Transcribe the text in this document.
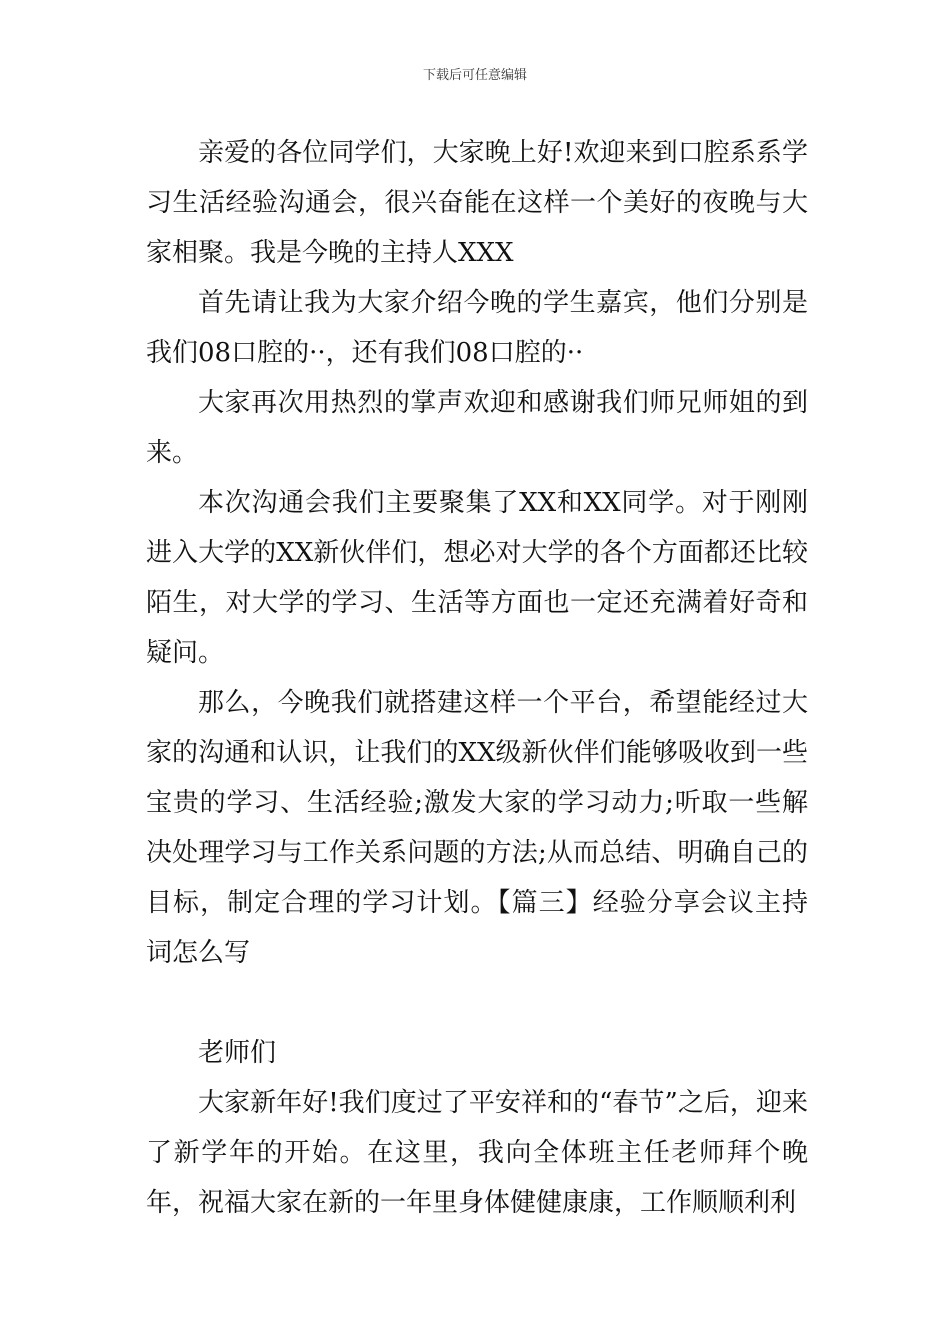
下载后可任意编辑

亲爱的各位同学们，大家晚上好!欢迎来到口腔系系学习生活经验沟通会，很兴奋能在这样一个美好的夜晚与大家相聚。我是今晚的主持人XXX

首先请让我为大家介绍今晚的学生嘉宾，他们分别是我们08口腔的··，还有我们08口腔的··

大家再次用热烈的掌声欢迎和感谢我们师兄师姐的到来。

本次沟通会我们主要聚集了XX和XX同学。对于刚刚进入大学的XX新伙伴们，想必对大学的各个方面都还比较陌生，对大学的学习、生活等方面也一定还充满着好奇和疑问。

那么，今晚我们就搭建这样一个平台，希望能经过大家的沟通和认识，让我们的XX级新伙伴们能够吸收到一些宝贵的学习、生活经验;激发大家的学习动力;听取一些解决处理学习与工作关系问题的方法;从而总结、明确自己的目标，制定合理的学习计划。【篇三】经验分享会议主持词怎么写

老师们

大家新年好!我们度过了平安祥和的“春节”之后，迎来了新学年的开始。在这里，我向全体班主任老师拜个晚年，祝福大家在新的一年里身体健健康康，工作顺顺利利
